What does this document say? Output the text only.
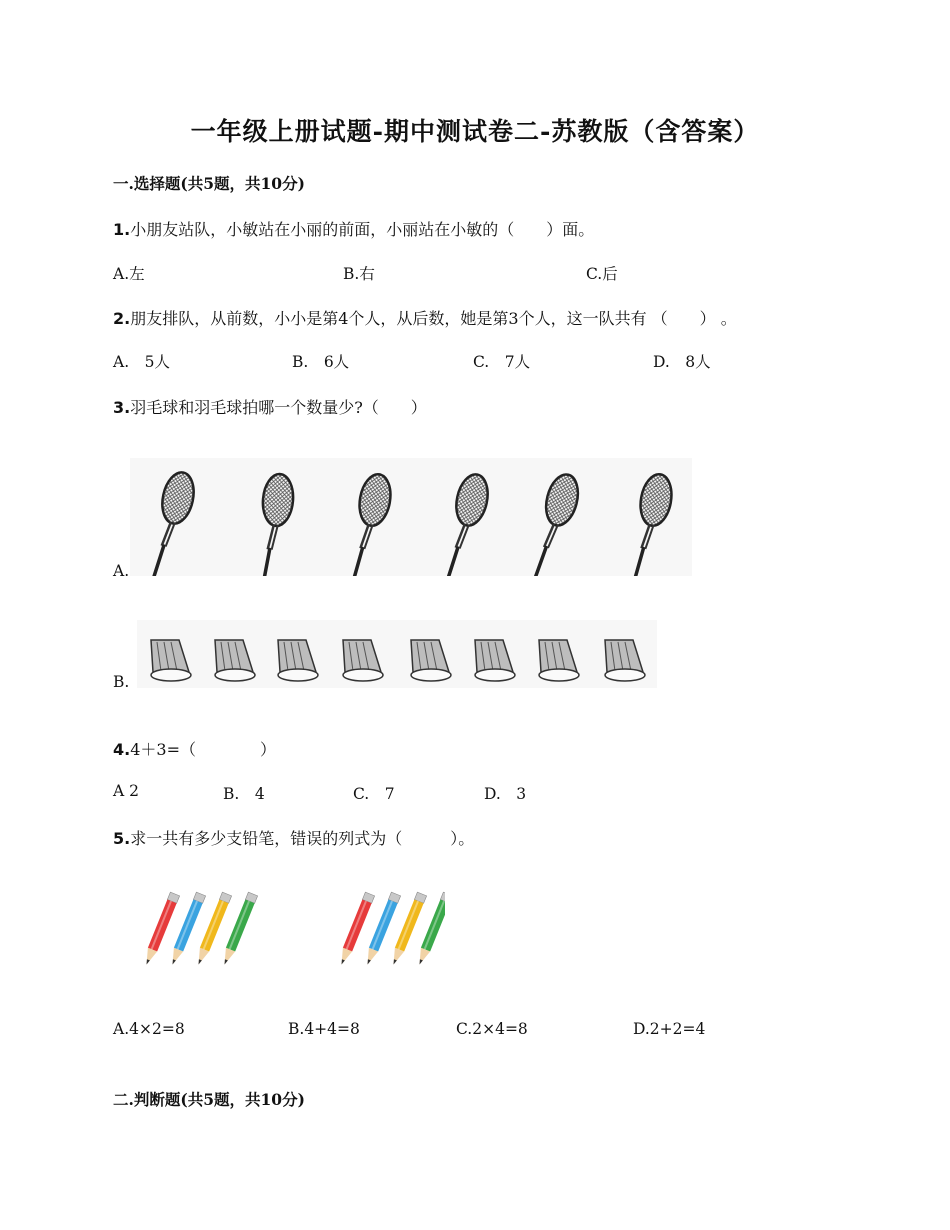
一年级上册试题-期中测试卷二-苏教版（含答案）
一.选择题(共5题，共10分)
1.小朋友站队，小敏站在小丽的前面，小丽站在小敏的（　　）面。
A.左	B.右	C.后
2.朋友排队，从前数，小小是第4个人，从后数，她是第3个人，这一队共有 （　　） 。
A.　5人	B.　6人	C.　7人	D.　8人
3.羽毛球和羽毛球拍哪一个数量少?（　　）
A.
B.
4.4＋3=（　　　　）
A 2	B.　4	C.　7	D.　3
5.求一共有多少支铅笔，错误的列式为（　　　）。
A.4×2=8	B.4+4=8	C.2×4=8	D.2+2=4
二.判断题(共5题，共10分)
